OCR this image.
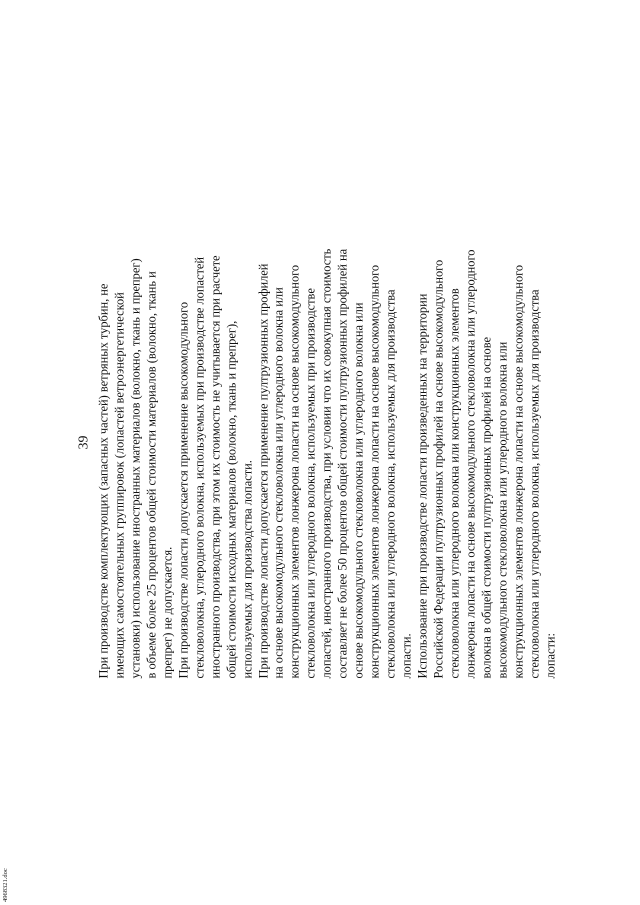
39 При производстве комплектующих (запасных частей) ветряных турбин, не имеющих самостоятельных группировок (лопастей ветроэнергетической установки) использование иностранных материалов (волокно, ткань и препрег) в объеме более 25 процентов общей стоимости материалов (волокно, ткань и препрег) не допускается. При производстве лопасти допускается применение высокомодульного стекловолокна, углеродного волокна, используемых при производстве лопастей иностранного производства, при этом их стоимость не учитывается при расчете общей стоимости исходных материалов (волокно, ткань и препрег), используемых для производства лопасти. При производстве лопасти допускается применение пултрузионных профилей на основе высокомодульного стекловолокна или углеродного волокна или конструкционных элементов лонжерона лопасти на основе высокомодульного стекловолокна или углеродного волокна, используемых при производстве лопастей, иностранного производства, при условии что их совокупная стоимость составляет не более 50 процентов общей стоимости пултрузионных профилей на основе высокомодульного стекловолокна или углеродного волокна или конструкционных элементов лонжерона лопасти на основе высокомодульного стекловолокна или углеродного волокна, используемых для производства лопасти. Использование при производстве лопасти произведенных на территории Российской Федерации пултрузионных профилей на основе высокомодульного стекловолокна или углеродного волокна или конструкционных элементов лонжерона лопасти на основе высокомодульного стекловолокна или углеродного волокна в общей стоимости пултрузионных профилей на основе высокомодульного стекловолокна или углеродного волокна или конструкционных элементов лонжерона лопасти на основе высокомодульного стекловолокна или углеродного волокна, используемых для производства лопасти:
4968321.doc
